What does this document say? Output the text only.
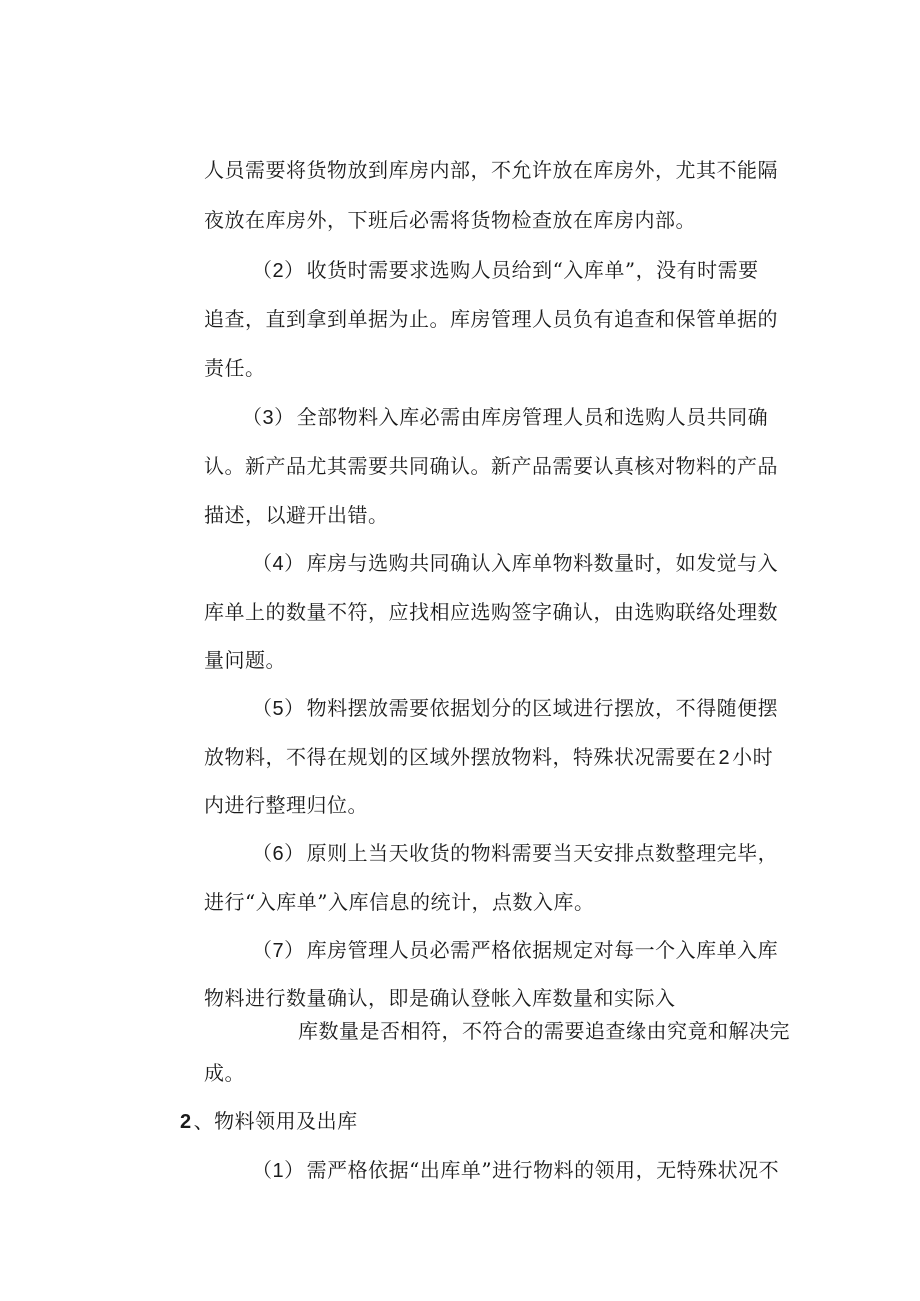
人员需要将货物放到库房内部，不允许放在库房外，尤其不能隔
夜放在库房外，下班后必需将货物检查放在库房内部。
（2） 收货时需要求选购人员给到“入库单”，没有时需要
追查，直到拿到单据为止。库房管理人员负有追查和保管单据的
责任。
（3） 全部物料入库必需由库房管理人员和选购人员共同确
认。新产品尤其需要共同确认。新产品需要认真核对物料的产品
描述，以避开出错。
（4） 库房与选购共同确认入库单物料数量时，如发觉与入
库单上的数量不符，应找相应选购签字确认，由选购联络处理数
量问题。
（5） 物料摆放需要依据划分的区域进行摆放，不得随便摆
放物料，不得在规划的区域外摆放物料，特殊状况需要在 2 小时
内进行整理归位。
（6） 原则上当天收货的物料需要当天安排点数整理完毕，
进行“入库单”入库信息的统计，点数入库。
（7） 库房管理人员必需严格依据规定对每一个入库单入库
物料进行数量确认，即是确认登帐入库数量和实际入
库数量是否相符，不符合的需要追查缘由究竟和解决完
成。
2 、物料领用及出库
（1） 需严格依据“出库单”进行物料的领用，无特殊状况不
